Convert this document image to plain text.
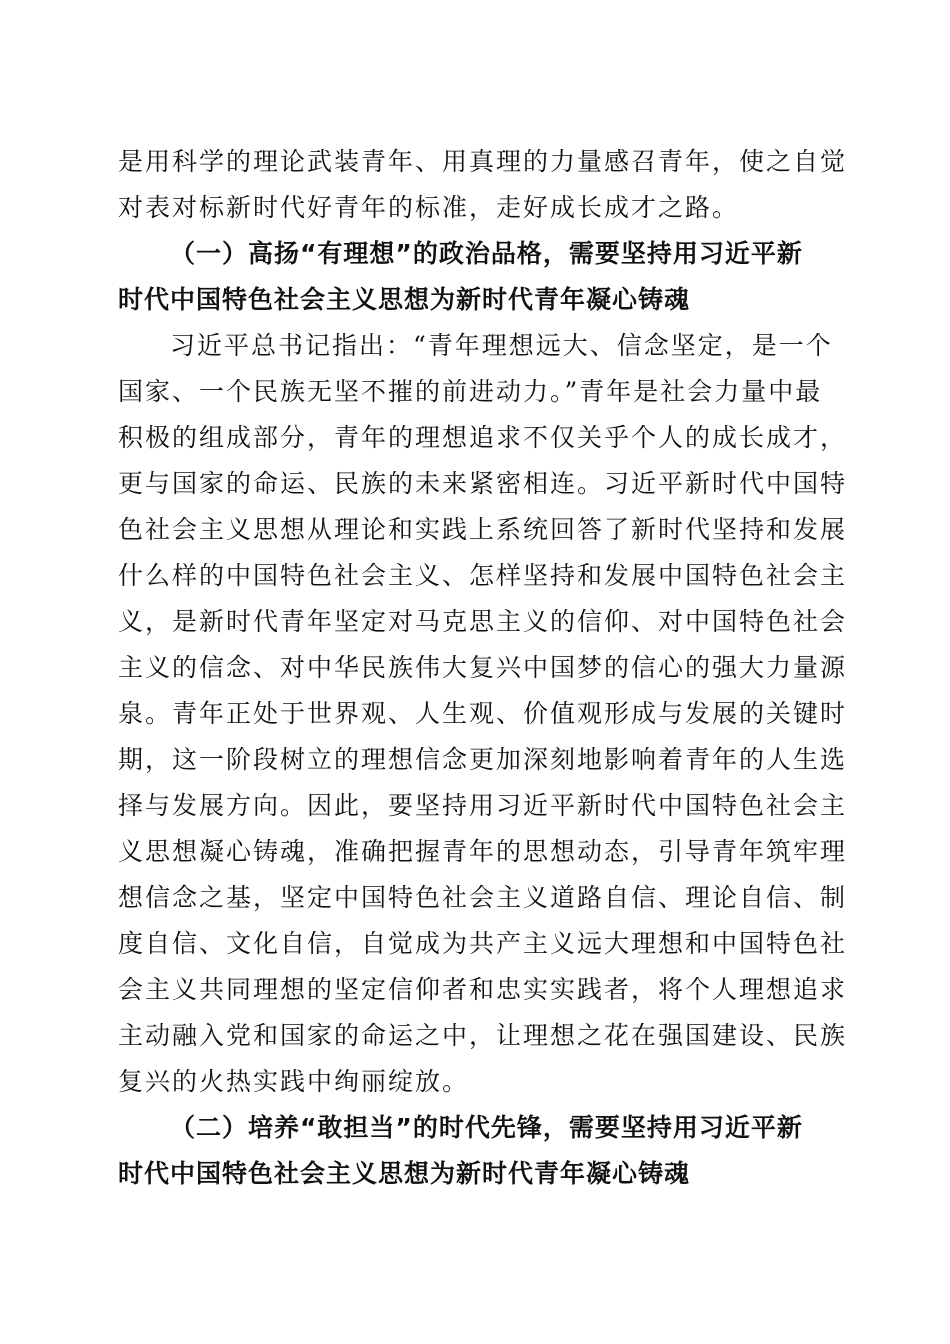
是用科学的理论武装青年、用真理的力量感召青年，使之自觉
对表对标新时代好青年的标准，走好成长成才之路。
（一）高扬“有理想”的政治品格，需要坚持用习近平新
时代中国特色社会主义思想为新时代青年凝心铸魂
习近平总书记指出：“青年理想远大、信念坚定，是一个
国家、一个民族无坚不摧的前进动力。”青年是社会力量中最
积极的组成部分，青年的理想追求不仅关乎个人的成长成才，
更与国家的命运、民族的未来紧密相连。习近平新时代中国特
色社会主义思想从理论和实践上系统回答了新时代坚持和发展
什么样的中国特色社会主义、怎样坚持和发展中国特色社会主
义，是新时代青年坚定对马克思主义的信仰、对中国特色社会
主义的信念、对中华民族伟大复兴中国梦的信心的强大力量源
泉。青年正处于世界观、人生观、价值观形成与发展的关键时
期，这一阶段树立的理想信念更加深刻地影响着青年的人生选
择与发展方向。因此，要坚持用习近平新时代中国特色社会主
义思想凝心铸魂，准确把握青年的思想动态，引导青年筑牢理
想信念之基，坚定中国特色社会主义道路自信、理论自信、制
度自信、文化自信，自觉成为共产主义远大理想和中国特色社
会主义共同理想的坚定信仰者和忠实实践者，将个人理想追求
主动融入党和国家的命运之中，让理想之花在强国建设、民族
复兴的火热实践中绚丽绽放。
（二）培养“敢担当”的时代先锋，需要坚持用习近平新
时代中国特色社会主义思想为新时代青年凝心铸魂
